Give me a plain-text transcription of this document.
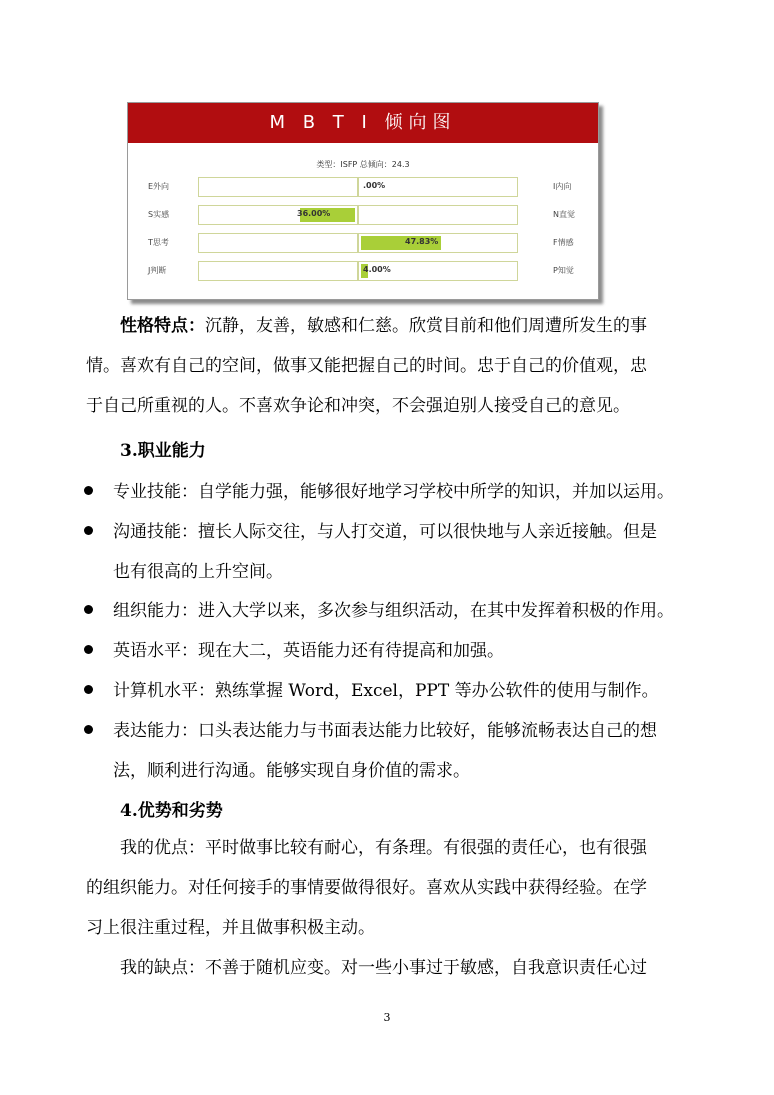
M B T I 倾向图
类型：ISFP 总倾向：24.3
E外向	.00%	I内向
S实感	36.00%	N直觉
T思考	47.83%	F情感
J判断	4.00%	P知觉
性格特点：沉静，友善，敏感和仁慈。欣赏目前和他们周遭所发生的事
情。喜欢有自己的空间，做事又能把握自己的时间。忠于自己的价值观，忠
于自己所重视的人。不喜欢争论和冲突，不会强迫别人接受自己的意见。
3.职业能力
专业技能：自学能力强，能够很好地学习学校中所学的知识，并加以运用。
沟通技能：擅长人际交往，与人打交道，可以很快地与人亲近接触。但是
也有很高的上升空间。
组织能力：进入大学以来，多次参与组织活动，在其中发挥着积极的作用。
英语水平：现在大二，英语能力还有待提高和加强。
计算机水平：熟练掌握 Word，Excel，PPT 等办公软件的使用与制作。
表达能力：口头表达能力与书面表达能力比较好，能够流畅表达自己的想
法，顺利进行沟通。能够实现自身价值的需求。
4.优势和劣势
我的优点：平时做事比较有耐心，有条理。有很强的责任心，也有很强
的组织能力。对任何接手的事情要做得很好。喜欢从实践中获得经验。在学
习上很注重过程，并且做事积极主动。
我的缺点：不善于随机应变。对一些小事过于敏感，自我意识责任心过
3
